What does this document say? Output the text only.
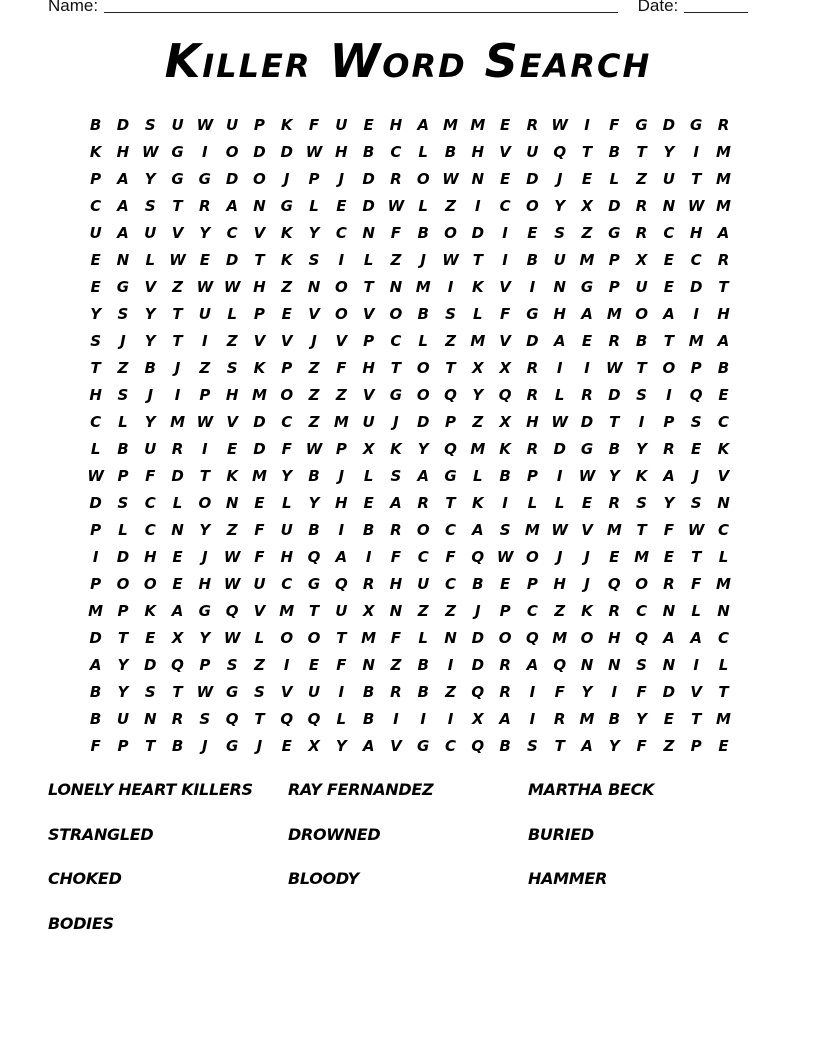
Name:	Date:
Killer Word Search
B	D	S	U W U	P	K	F	U	E	H	A M M E	R W	I	F	G D G	R
K	H W G	I	O D D W H	B	C	L	B	H	V	U Q	T	B	T	Y	I	M
P	A	Y	G G D O	J	P	J	D	R	O W N	E	D	J	E	L	Z	U	T M
C	A	S	T	R	A	N G	L	E	D W L	Z	I	C	O	Y	X	D	R	N W M
U	A	U	V	Y	C	V	K	Y	C	N	F	B	O D	I	E	S	Z	G	R	C	H	A
E	N	L W E	D	T	K	S	I	L	Z	J	W T	I	B	U M P	X	E	C	R
E	G	V	Z W W H	Z	N O	T	N M	I	K	V	I	N G	P	U	E	D	T
Y	S	Y	T	U	L	P	E	V	O	V	O	B	S	L	F	G H	A M O	A	I	H
S	J	Y	T	I	Z	V	V	J	V	P	C	L	Z M V	D	A	E	R	B	T M A
T	Z	B	J	Z	S	K	P	Z	F	H	T	O	T	X	X	R	I	I	W T	O	P	B
H	S	J	I	P	H M O	Z	Z	V	G O Q	Y	Q	R	L	R	D	S	I	Q	E
C	L	Y M W V	D	C	Z M U	J	D	P	Z	X	H W D	T	I	P	S	C
L	B	U	R	I	E	D	F W P	X	K	Y	Q M K	R	D G	B	Y	R	E	K
W P	F	D	T	K M Y	B	J	L	S	A	G	L	B	P	I	W Y	K	A	J	V
D	S	C	L	O N	E	L	Y	H	E	A	R	T	K	I	L	L	E	R	S	Y	S	N
P	L	C	N	Y	Z	F	U	B	I	B	R	O	C	A	S M W V M T	F W C
I	D H	E	J	W F	H Q	A	I	F	C	F	Q W O	J	J	E M E	T	L
P	O O	E	H W U	C	G Q	R	H U	C	B	E	P	H	J	Q O	R	F M
M P	K	A	G Q	V M T	U	X	N	Z	Z	J	P	C	Z	K	R	C	N	L	N
D	T	E	X	Y W L	O O	T M F	L	N D O Q M O H Q	A	A	C
A	Y	D Q	P	S	Z	I	E	F	N	Z	B	I	D	R	A	Q N N	S	N	I	L
B	Y	S	T W G	S	V	U	I	B	R	B	Z	Q	R	I	F	Y	I	F	D	V	T
B	U N	R	S	Q	T	Q Q	L	B	I	I	I	X	A	I	R M B	Y	E	T M
F	P	T	B	J	G	J	E	X	Y	A	V	G	C	Q	B	S	T	A	Y	F	Z	P	E
LONELY HEART KILLERS	RAY FERNANDEZ	MARTHA BECK
STRANGLED	DROWNED	BURIED
CHOKED	BLOODY	HAMMER
BODIES
